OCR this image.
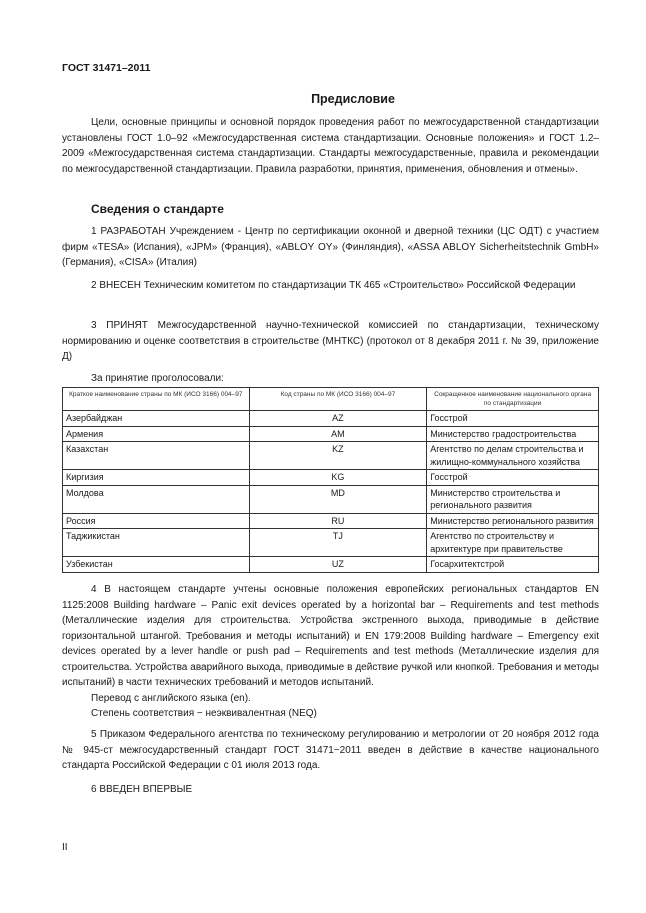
ГОСТ 31471–2011
Предисловие
Цели, основные принципы и основной порядок проведения работ по межгосударственной стандартизации установлены ГОСТ 1.0–92 «Межгосударственная система стандартизации. Основные положения» и ГОСТ 1.2–2009 «Межгосударственная система стандартизации. Стандарты межгосударственные, правила и рекомендации по межгосударственной стандартизации. Правила разработки, принятия, применения, обновления и отмены».
Сведения о стандарте
1 РАЗРАБОТАН Учреждением - Центр по сертификации оконной и дверной техники (ЦС ОДТ) с участием фирм «TESA» (Испания), «JPM» (Франция), «ABLOY OY» (Финляндия), «ASSA ABLOY Sicherheitstechnik GmbH» (Германия), «CISA» (Италия)
2 ВНЕСЕН Техническим комитетом по стандартизации ТК 465 «Строительство» Российской Федерации
3 ПРИНЯТ Межгосударственной научно-технической комиссией по стандартизации, техническому нормированию и оценке соответствия в строительстве (МНТКС) (протокол от 8 декабря 2011 г. № 39, приложение Д)
За принятие проголосовали:
Краткое наименование страны по МК (ИСО 3166) 004–97	Код страны по МК (ИСО 3166) 004–97	Сокращенное наименование национального органа по стандартизации
Азербайджан	AZ	Госстрой
Армения	AM	Министерство градостроительства
Казахстан	KZ	Агентство по делам строительства и жилищно-коммунального хозяйства
Киргизия	KG	Госстрой
Молдова	MD	Министерство строительства и регионального развития
Россия	RU	Министерство регионального развития
Таджикистан	TJ	Агентство по строительству и архитектуре при правительстве
Узбекистан	UZ	Госархитектстрой
4 В настоящем стандарте учтены основные положения европейских региональных стандартов EN 1125:2008 Building hardware – Panic exit devices operated by a horizontal bar – Requirements and test methods (Металлические изделия для строительства. Устройства экстренного выхода, приводимые в действие горизонтальной штангой. Требования и методы испытаний) и EN 179:2008 Building hardware – Emergency exit devices operated by a lever handle or push pad – Requirements and test methods (Металлические изделия для строительства. Устройства аварийного выхода, приводимые в действие ручкой или кнопкой. Требования и методы испытаний) в части технических требований и методов испытаний.
Перевод с английского языка (en).
Степень соответствия − неэквивалентная (NEQ)
5 Приказом Федерального агентства по техническому регулированию и метрологии от 20 ноября 2012 года № 945-ст межгосударственный стандарт ГОСТ 31471−2011 введен в действие в качестве национального стандарта Российской Федерации с 01 июля 2013 года.
6 ВВЕДЕН ВПЕРВЫЕ
II
